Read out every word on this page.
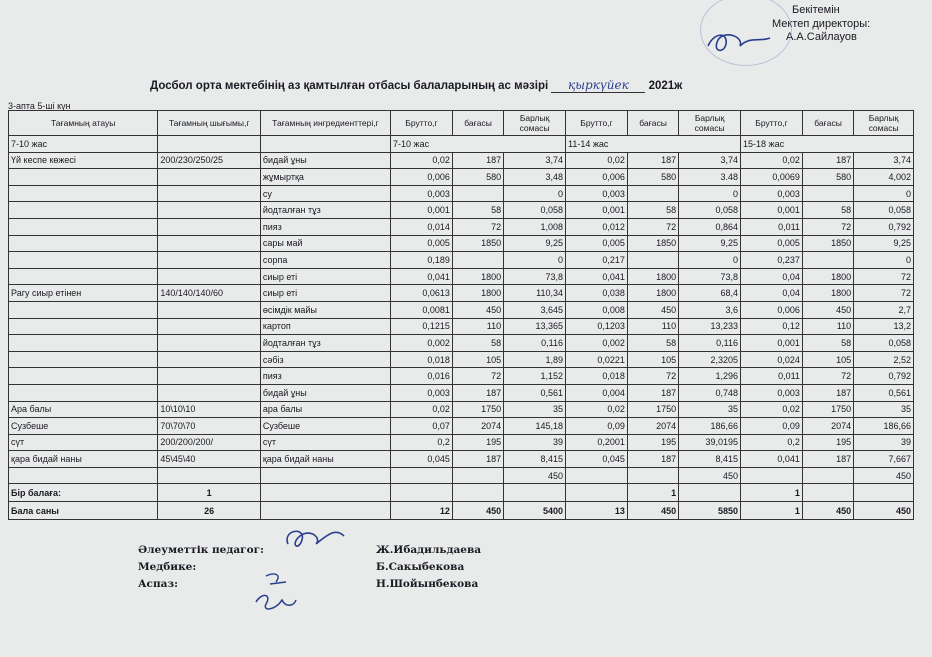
Бекітемін
Мектеп директоры:
А.А.Сайлауов
Досбол орта мектебінің аз қамтылған отбасы балаларының ас мәзірі қыркүйек 2021ж
3-апта 5-ші күн
Тағамның атауы	Тағамның шығымы,г	Тағамның ингредиенттері,г	Брутто,г	бағасы	Барлық сомасы	Брутто,г	бағасы	Барлық сомасы	Брутто,г	бағасы	Барлық сомасы
7-10 жас			7-10 жас			11-14 жас			15-18 жас		
Үй кеспе көжесі	200/230/250/25	бидай ұны	0,02	187	3,74	0,02	187	3,74	0,02	187	3,74
		жұмыртқа	0,006	580	3,48	0,006	580	3.48	0,0069	580	4,002
		су	0,003		0	0,003		0	0,003		0
		йодталған тұз	0,001	58	0,058	0,001	58	0,058	0,001	58	0,058
		пияз	0,014	72	1,008	0,012	72	0,864	0,011	72	0,792
		сары май	0,005	1850	9,25	0,005	1850	9,25	0,005	1850	9,25
		сорпа	0,189		0	0,217		0	0,237		0
		сиыр еті	0,041	1800	73,8	0,041	1800	73,8	0,04	1800	72
Рагу сиыр етінен	140/140/140/60	сиыр еті	0,0613	1800	110,34	0,038	1800	68,4	0,04	1800	72
		өсімдік майы	0,0081	450	3,645	0,008	450	3,6	0,006	450	2,7
		картоп	0,1215	110	13,365	0,1203	110	13,233	0,12	110	13,2
		йодталған тұз	0,002	58	0,116	0,002	58	0,116	0,001	58	0,058
		сәбіз	0,018	105	1,89	0,0221	105	2,3205	0,024	105	2,52
		пияз	0,016	72	1,152	0,018	72	1,296	0,011	72	0,792
		бидай ұны	0,003	187	0,561	0,004	187	0,748	0,003	187	0,561
Ара балы	10\10\10	ара балы	0,02	1750	35	0,02	1750	35	0,02	1750	35
Сузбеше	70\70\70	Сузбеше	0,07	2074	145,18	0,09	2074	186,66	0,09	2074	186,66
сүт	200/200/200/	сүт	0,2	195	39	0,2001	195	39,0195	0,2	195	39
қара бидай наны	45\45\40	қара бидай наны	0,045	187	8,415	0,045	187	8,415	0,041	187	7,667
					450			450			450
Бір балаға:	1						1		1		
Бала саны	26		12	450	5400	13	450	5850	1	450	450
Әлеуметтік педагог:	Ж.Ибадильдаева
Медбике:	Б.Сакыбекова
Аспаз:	Н.Шойынбекова
